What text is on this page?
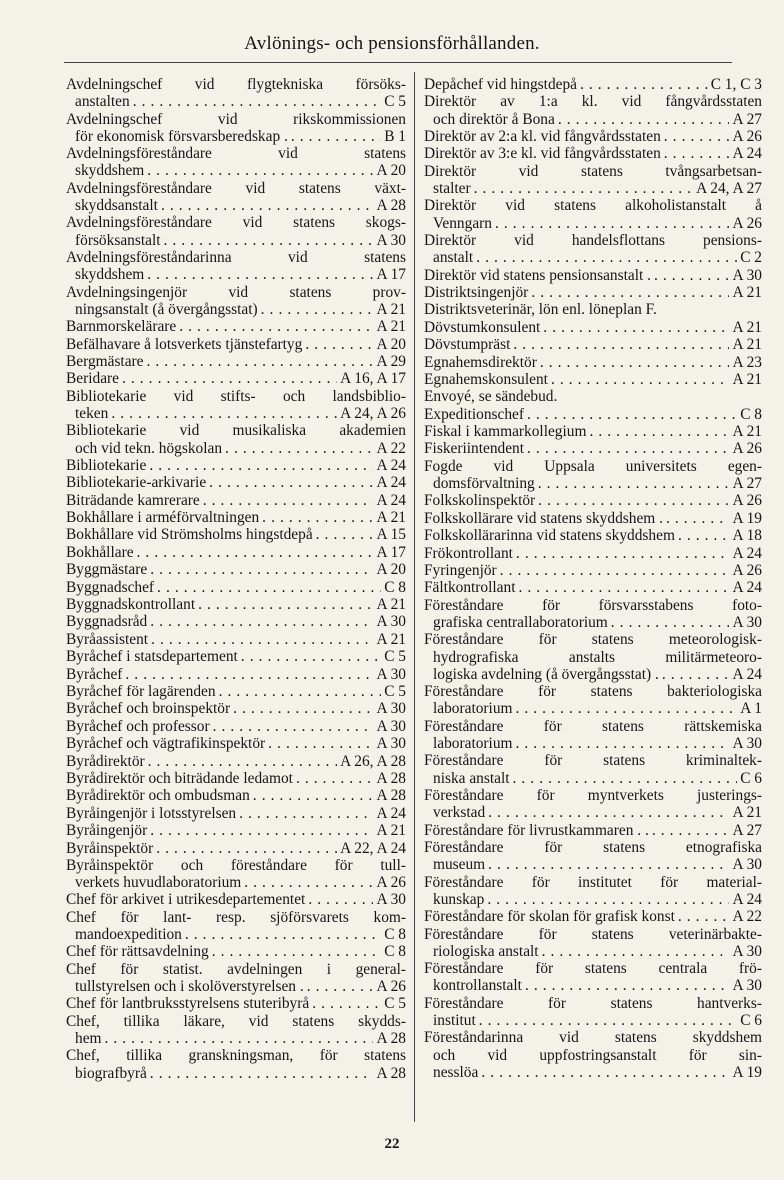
Avlönings- och pensionsförhållanden.
Avdelningschef vid flygtekniska försöks-
anstalten . . .	C 5
Avdelningschef vid rikskommissionen
för ekonomisk försvarsberedskap . . . .	B 1
Avdelningsföreståndare vid statens
skyddshem . . .	A 20
Avdelningsföreståndare vid statens växt-
skyddsanstalt . . .	A 28
Avdelningsföreståndare vid statens skogs-
försöksanstalt . . .	A 30
Avdelningsföreståndarinna vid statens
skyddshem . . .	A 17
Avdelningsingenjör vid statens prov-
ningsanstalt (å övergångsstat) . . .	A 21
Barnmorskelärare . . .	A 21
Befälhavare å lotsverkets tjänstefartyg . . .	A 20
Bergmästare . . .	A 29
Beridare . . .	A 16, A 17
Bibliotekarie vid stifts- och landsbiblio-
teken . . .	A 24, A 26
Bibliotekarie vid musikaliska akademien
och vid tekn. högskolan . . .	A 22
Bibliotekarie . . .	A 24
Bibliotekarie-arkivarie . . .	A 24
Biträdande kamrerare . . .	A 24
Bokhållare i arméförvaltningen . . .	A 21
Bokhållare vid Strömsholms hingstdepå . . .	A 15
Bokhållare . . .	A 17
Byggmästare . . .	A 20
Byggnadschef . . .	C 8
Byggnadskontrollant . . .	A 21
Byggnadsråd . . .	A 30
Byråassistent . . .	A 21
Byråchef i statsdepartement . . .	C 5
Byråchef . . .	A 30
Byråchef för lagärenden . . .	C 5
Byråchef och broinspektör . . .	A 30
Byråchef och professor . . .	A 30
Byråchef och vägtrafikinspektör . . .	A 30
Byrådirektör . . .	A 26, A 28
Byrådirektör och biträdande ledamot . . .	A 28
Byrådirektör och ombudsman . . .	A 28
Byråingenjör i lotsstyrelsen . . .	A 24
Byråingenjör . . .	A 21
Byråinspektör . . .	A 22, A 24
Byråinspektör och föreståndare för tull-
verkets huvudlaboratorium . . .	A 26
Chef för arkivet i utrikesdepartementet . . .	A 30
Chef för lant- resp. sjöförsvarets kom-
mandoexpedition . . .	C 8
Chef för rättsavdelning . . .	C 8
Chef för statist. avdelningen i general-
tullstyrelsen och i skolöverstyrelsen . . . .	A 26
Chef för lantbruksstyrelsens stuteribyrå . . .	C 5
Chef, tillika läkare, vid statens skydds-
hem . . .	A 28
Chef, tillika granskningsman, för statens
biografbyrå . . .	A 28
Depåchef vid hingstdepå . . .	C 1, C 3
Direktör av 1:a kl. vid fångvårdsstaten
och direktör å Bona . . .	A 27
Direktör av 2:a kl. vid fångvårdsstaten . . .	A 26
Direktör av 3:e kl. vid fångvårdsstaten . . .	A 24
Direktör vid statens tvångsarbetsan-
stalter . . .	A 24, A 27
Direktör vid statens alkoholistanstalt å
Venngarn . . .	A 26
Direktör vid handelsflottans pensions-
anstalt . . .	C 2
Direktör vid statens pensionsanstalt . . . .	A 30
Distriktsingenjör . . .	A 21
Distriktsveterinär, lön enl. löneplan F.
Dövstumkonsulent . . .	A 21
Dövstumpräst . . .	A 21
Egnahemsdirektör . . .	A 23
Egnahemskonsulent . . .	A 21
Envoyé, se sändebud.
Expeditionschef . . .	C 8
Fiskal i kammarkollegium . . .	A 21
Fiskeriintendent . . .	A 26
Fogde vid Uppsala universitets egen-
domsförvaltning . . .	A 27
Folkskolinspektör . . .	A 26
Folkskollärare vid statens skyddshem . . . .	A 19
Folkskollärarinna vid statens skyddshem . . .	A 18
Frökontrollant . . .	A 24
Fyringenjör . . .	A 26
Fältkontrollant . . .	A 24
Föreståndare för försvarsstabens foto-
grafiska centrallaboratorium . . .	A 30
Föreståndare för statens meteorologisk-
hydrografiska anstalts militärmeteoro-
logiska avdelning (å övergångsstat) . . . .	A 24
Föreståndare för statens bakteriologiska
laboratorium . . .	A 1
Föreståndare för statens rättskemiska
laboratorium . . .	A 30
Föreståndare för statens kriminaltek-
niska anstalt . . .	C 6
Föreståndare för myntverkets justerings-
verkstad . . .	A 21
Föreståndare för livrustkammaren . . . . .	A 27
Föreståndare för statens etnografiska
museum . . .	A 30
Föreståndare för institutet för material-
kunskap . . .	A 24
Föreståndare för skolan för grafisk konst . . .	A 22
Föreståndare för statens veterinärbakte-
riologiska anstalt . . .	A 30
Föreståndare för statens centrala frö-
kontrollanstalt . . .	A 30
Föreståndare för statens hantverks-
institut . . .	C 6
Föreståndarinna vid statens skyddshem
och vid uppfostringsanstalt för sin-
nesslöa . . .	A 19
22
